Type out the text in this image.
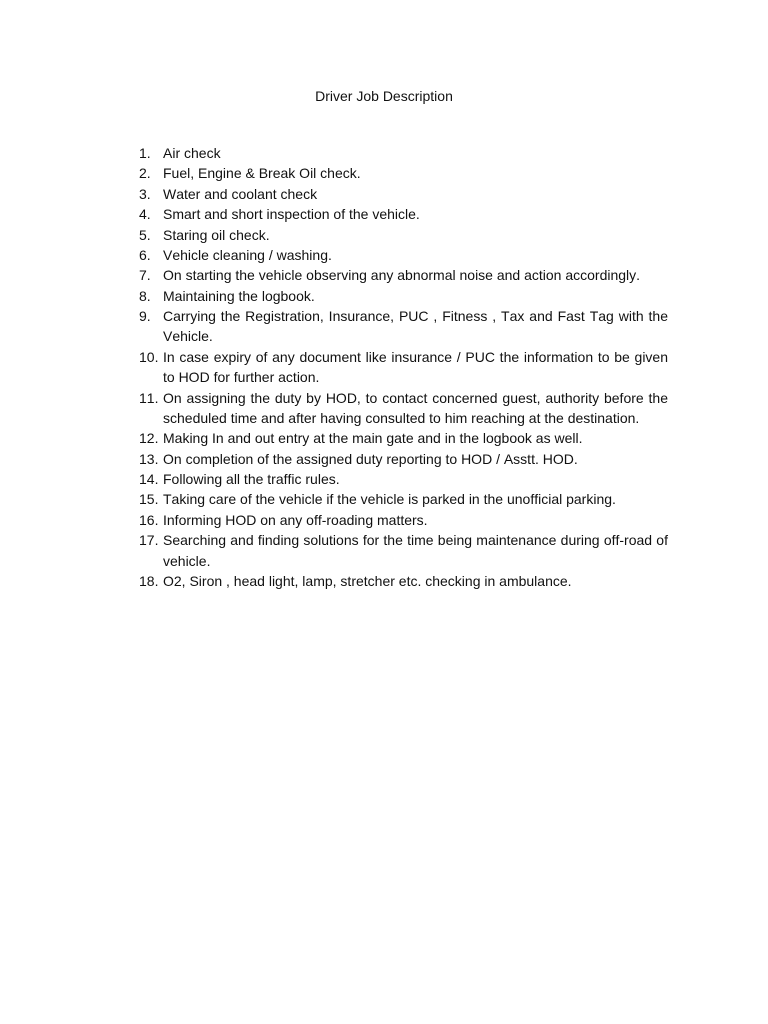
Driver Job Description
1. Air check
2. Fuel, Engine & Break Oil check.
3. Water and coolant check
4. Smart and short inspection of the vehicle.
5. Staring oil check.
6. Vehicle cleaning / washing.
7. On starting the vehicle observing any abnormal noise and action accordingly.
8. Maintaining the logbook.
9. Carrying the Registration, Insurance, PUC , Fitness , Tax and Fast Tag with the Vehicle.
10. In case expiry of any document like insurance / PUC the information to be given to HOD for further action.
11. On assigning the duty by HOD, to contact concerned guest, authority before the scheduled time and after having consulted to him reaching at the destination.
12. Making In and out entry at the main gate and in the logbook as well.
13. On completion of the assigned duty reporting to HOD / Asstt. HOD.
14. Following all the traffic rules.
15. Taking care of the vehicle if the vehicle is parked in the unofficial parking.
16. Informing HOD on any off-roading matters.
17. Searching and finding solutions for the time being maintenance during off-road of vehicle.
18. O2, Siron , head light, lamp, stretcher etc. checking in ambulance.
